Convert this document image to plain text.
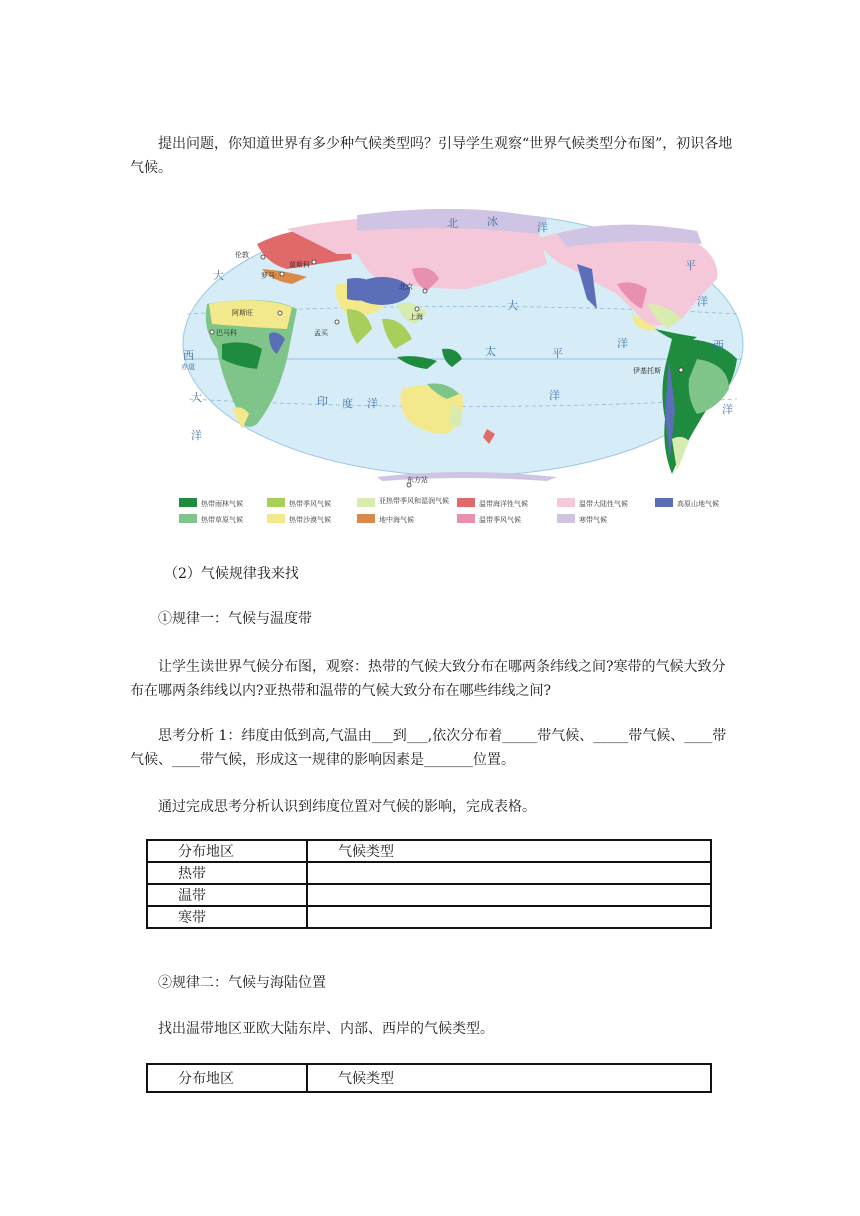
提出问题，你知道世界有多少种气候类型吗？引导学生观察“世界气候类型分布图”，初识各地气候。

伦敦
莫斯科
罗马
北京
阿斯旺	上海
巴马科	孟买
伊基托斯
东方站
北	冰	洋
大
平
西
洋
洋
大
太	平
洋
印 度 洋
大
西
洋
洋
赤道
热带雨林气候	热带季风气候	亚热带季风和湿润气候	温带海洋性气候	温带大陆性气候	高原山地气候
热带草原气候	热带沙漠气候	地中海气候	温带季风气候	寒带气候

（2）气候规律我来找

①规律一：气候与温度带

让学生读世界气候分布图，观察：热带的气候大致分布在哪两条纬线之间?寒带的气候大致分布在哪两条纬线以内?亚热带和温带的气候大致分布在哪些纬线之间?

思考分析 1：纬度由低到高,气温由___到___,依次分布着_____带气候、_____带气候、____带气候、____带气候，形成这一规律的影响因素是_______位置。

通过完成思考分析认识到纬度位置对气候的影响，完成表格。

分布地区	气候类型
热带	
温带	
寒带	

②规律二：气候与海陆位置

找出温带地区亚欧大陆东岸、内部、西岸的气候类型。

分布地区	气候类型
